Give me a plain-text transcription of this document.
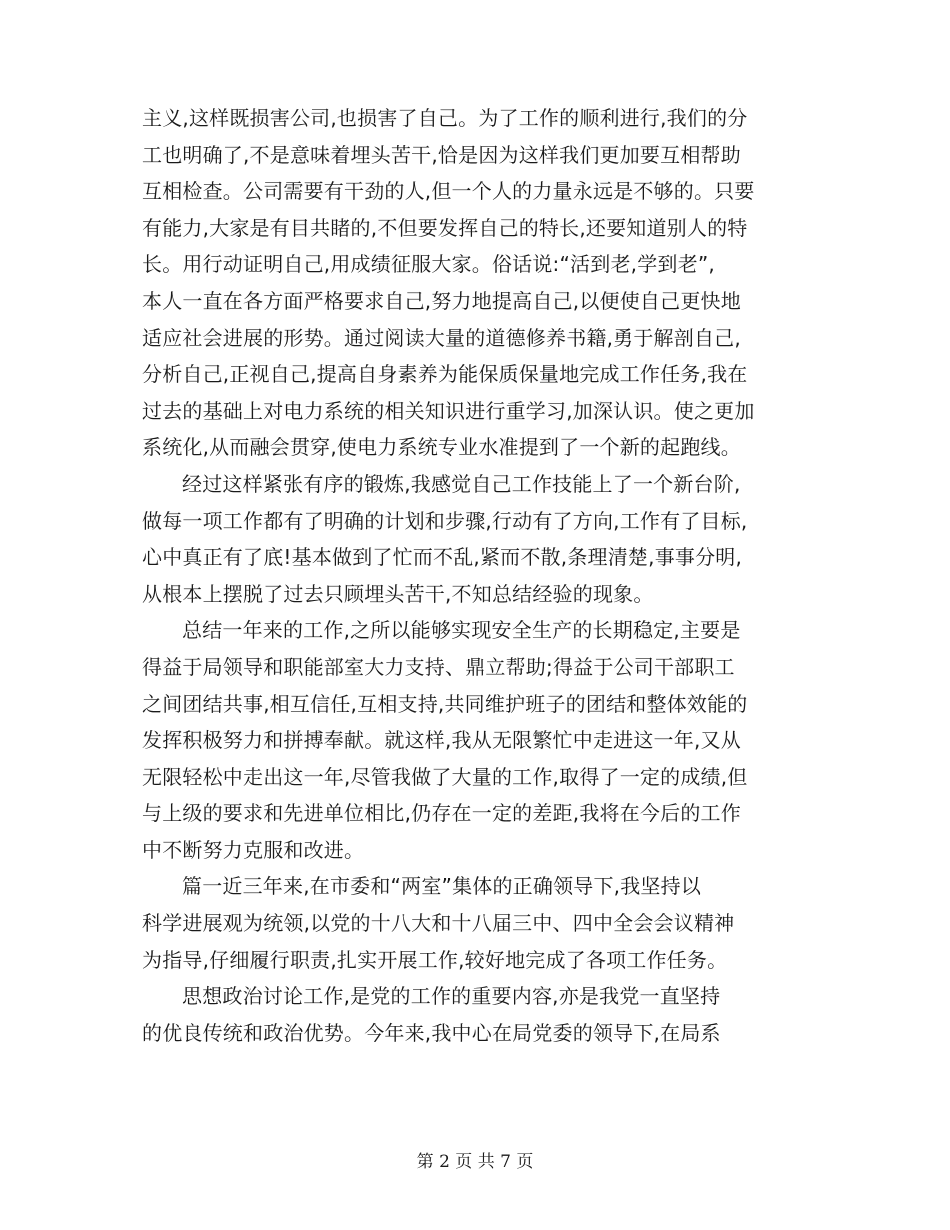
主义,这样既损害公司,也损害了自己。为了工作的顺利进行,我们的分
工也明确了,不是意味着埋头苦干,恰是因为这样我们更加要互相帮助
互相检查。公司需要有干劲的人,但一个人的力量永远是不够的。只要
有能力,大家是有目共睹的,不但要发挥自己的特长,还要知道别人的特
长。用行动证明自己,用成绩征服大家。俗话说:“活到老,学到老”,
本人一直在各方面严格要求自己,努力地提高自己,以便使自己更快地
适应社会进展的形势。通过阅读大量的道德修养书籍,勇于解剖自己,
分析自己,正视自己,提高自身素养为能保质保量地完成工作任务,我在
过去的基础上对电力系统的相关知识进行重学习,加深认识。使之更加
系统化,从而融会贯穿,使电力系统专业水准提到了一个新的起跑线。
经过这样紧张有序的锻炼,我感觉自己工作技能上了一个新台阶,
做每一项工作都有了明确的计划和步骤,行动有了方向,工作有了目标,
心中真正有了底!基本做到了忙而不乱,紧而不散,条理清楚,事事分明,
从根本上摆脱了过去只顾埋头苦干,不知总结经验的现象。
总结一年来的工作,之所以能够实现安全生产的长期稳定,主要是
得益于局领导和职能部室大力支持、鼎立帮助;得益于公司干部职工
之间团结共事,相互信任,互相支持,共同维护班子的团结和整体效能的
发挥积极努力和拼搏奉献。就这样,我从无限繁忙中走进这一年,又从
无限轻松中走出这一年,尽管我做了大量的工作,取得了一定的成绩,但
与上级的要求和先进单位相比,仍存在一定的差距,我将在今后的工作
中不断努力克服和改进。
篇一近三年来,在市委和“两室”集体的正确领导下,我坚持以
科学进展观为统领,以党的十八大和十八届三中、四中全会会议精神
为指导,仔细履行职责,扎实开展工作,较好地完成了各项工作任务。
思想政治讨论工作,是党的工作的重要内容,亦是我党一直坚持
的优良传统和政治优势。今年来,我中心在局党委的领导下,在局系
第 2 页 共 7 页
